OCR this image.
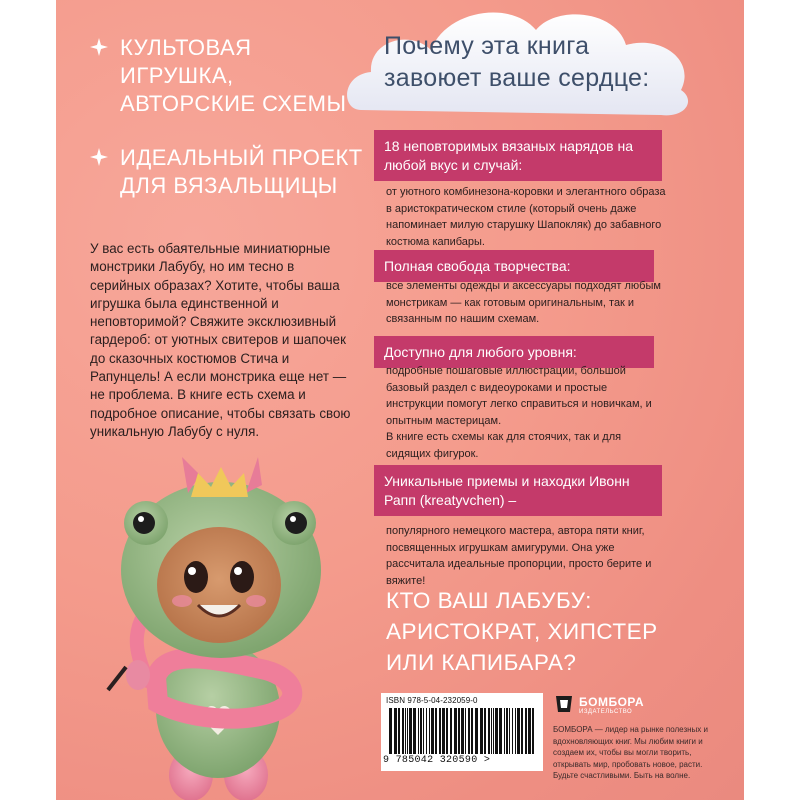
КУЛЬТОВАЯ ИГРУШКА, АВТОРСКИЕ СХЕМЫ
ИДЕАЛЬНЫЙ ПРОЕКТ ДЛЯ ВЯЗАЛЬЩИЦЫ
У вас есть обаятельные миниатюрные монстрики Лабубу, но им тесно в серийных образах? Хотите, чтобы ваша игрушка была единственной и неповторимой? Свяжите эксклюзивный гардероб: от уютных свитеров и шапочек до сказочных костюмов Стича и Рапунцель! А если монстрика еще нет — не проблема. В книге есть схема и подробное описание, чтобы связать свою уникальную Лабубу с нуля.
Почему эта книга
завоюет ваше сердце:
18 неповторимых вязаных нарядов на любой вкус и случай:
от уютного комбинезона-коровки и элегантного образа в аристократическом стиле (который очень даже напоминает милую старушку Шапокляк) до забавного костюма капибары.
Полная свобода творчества:
все элементы одежды и аксессуары подходят любым монстрикам — как готовым оригинальным, так и связанным по нашим схемам.
Доступно для любого уровня:
подробные пошаговые иллюстрации, большой базовый раздел с видеоуроками и простые инструкции помогут легко справиться и новичкам, и опытным мастерицам.
В книге есть схемы как для стоячих, так и для сидящих фигурок.
Уникальные приемы и находки Ивонн Рапп (kreatyvchen) –
популярного немецкого мастера, автора пяти книг, посвященных игрушкам амигуруми. Она уже рассчитала идеальные пропорции, просто берите и вяжите!
КТО ВАШ ЛАБУБУ:
АРИСТОКРАТ, ХИПСТЕР
ИЛИ КАПИБАРА?
ISBN 978-5-04-232059-0
9 785042 320590 >
БОМБОРА
ИЗДАТЕЛЬСТВО
БОМБОРА — лидер на рынке полезных и вдохновляющих книг. Мы любим книги и создаем их, чтобы вы могли творить, открывать мир, пробовать новое, расти. Будьте счастливыми. Быть на волне.
